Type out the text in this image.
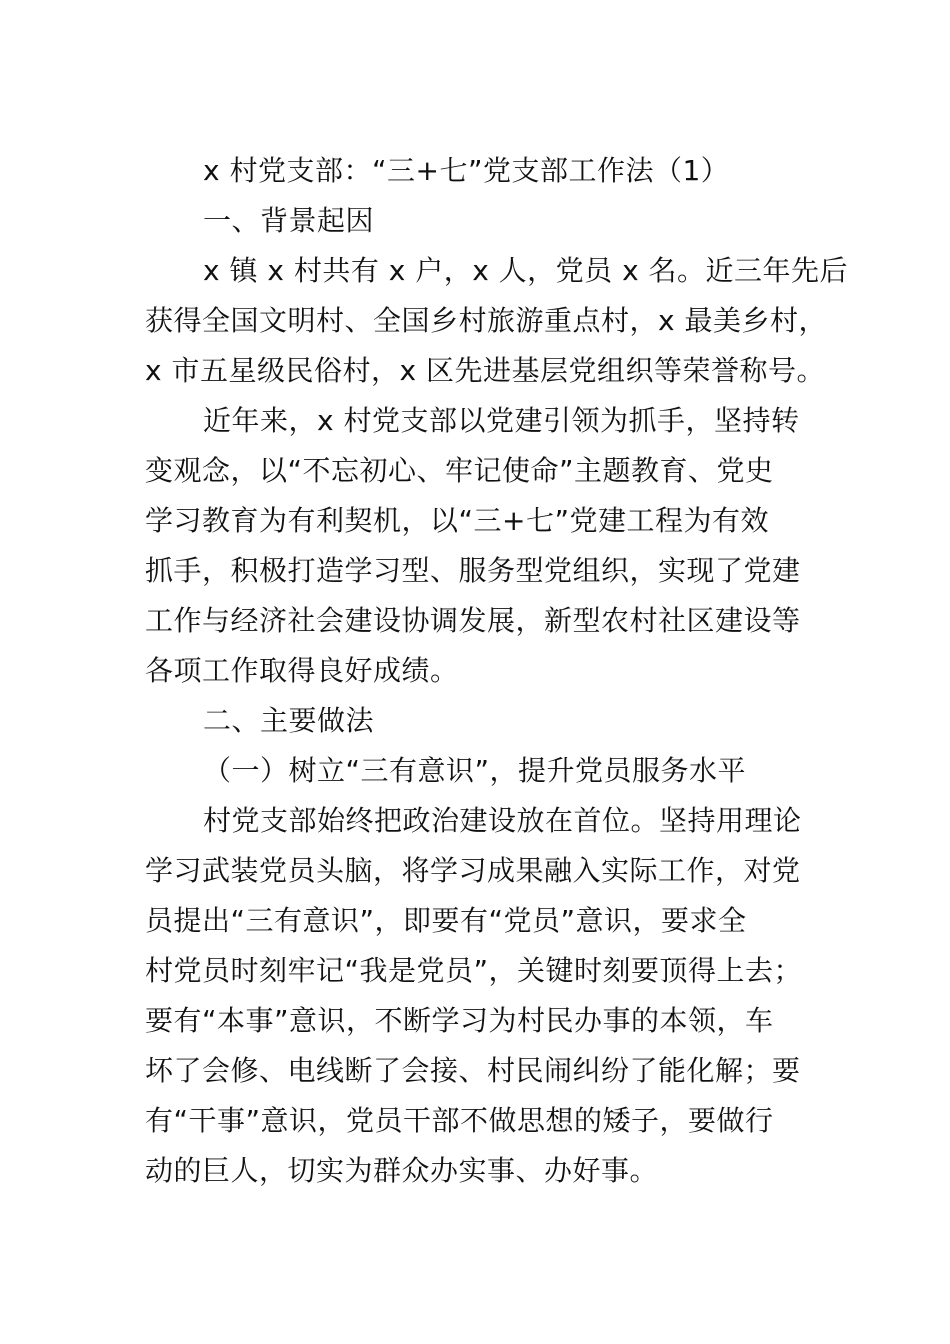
x 村党支部：“三+七”党支部工作法（1）
一、背景起因
x 镇 x 村共有 x 户，x 人，党员 x 名。近三年先后
获得全国文明村、全国乡村旅游重点村，x 最美乡村，
x 市五星级民俗村，x 区先进基层党组织等荣誉称号。
近年来，x 村党支部以党建引领为抓手，坚持转
变观念，以“不忘初心、牢记使命”主题教育、党史
学习教育为有利契机，以“三+七”党建工程为有效
抓手，积极打造学习型、服务型党组织，实现了党建
工作与经济社会建设协调发展，新型农村社区建设等
各项工作取得良好成绩。
二、主要做法
（一）树立“三有意识”，提升党员服务水平
村党支部始终把政治建设放在首位。坚持用理论
学习武装党员头脑，将学习成果融入实际工作，对党
员提出“三有意识”，即要有“党员”意识，要求全
村党员时刻牢记“我是党员”，关键时刻要顶得上去；
要有“本事”意识，不断学习为村民办事的本领，车
坏了会修、电线断了会接、村民闹纠纷了能化解；要
有“干事”意识，党员干部不做思想的矮子，要做行
动的巨人，切实为群众办实事、办好事。
